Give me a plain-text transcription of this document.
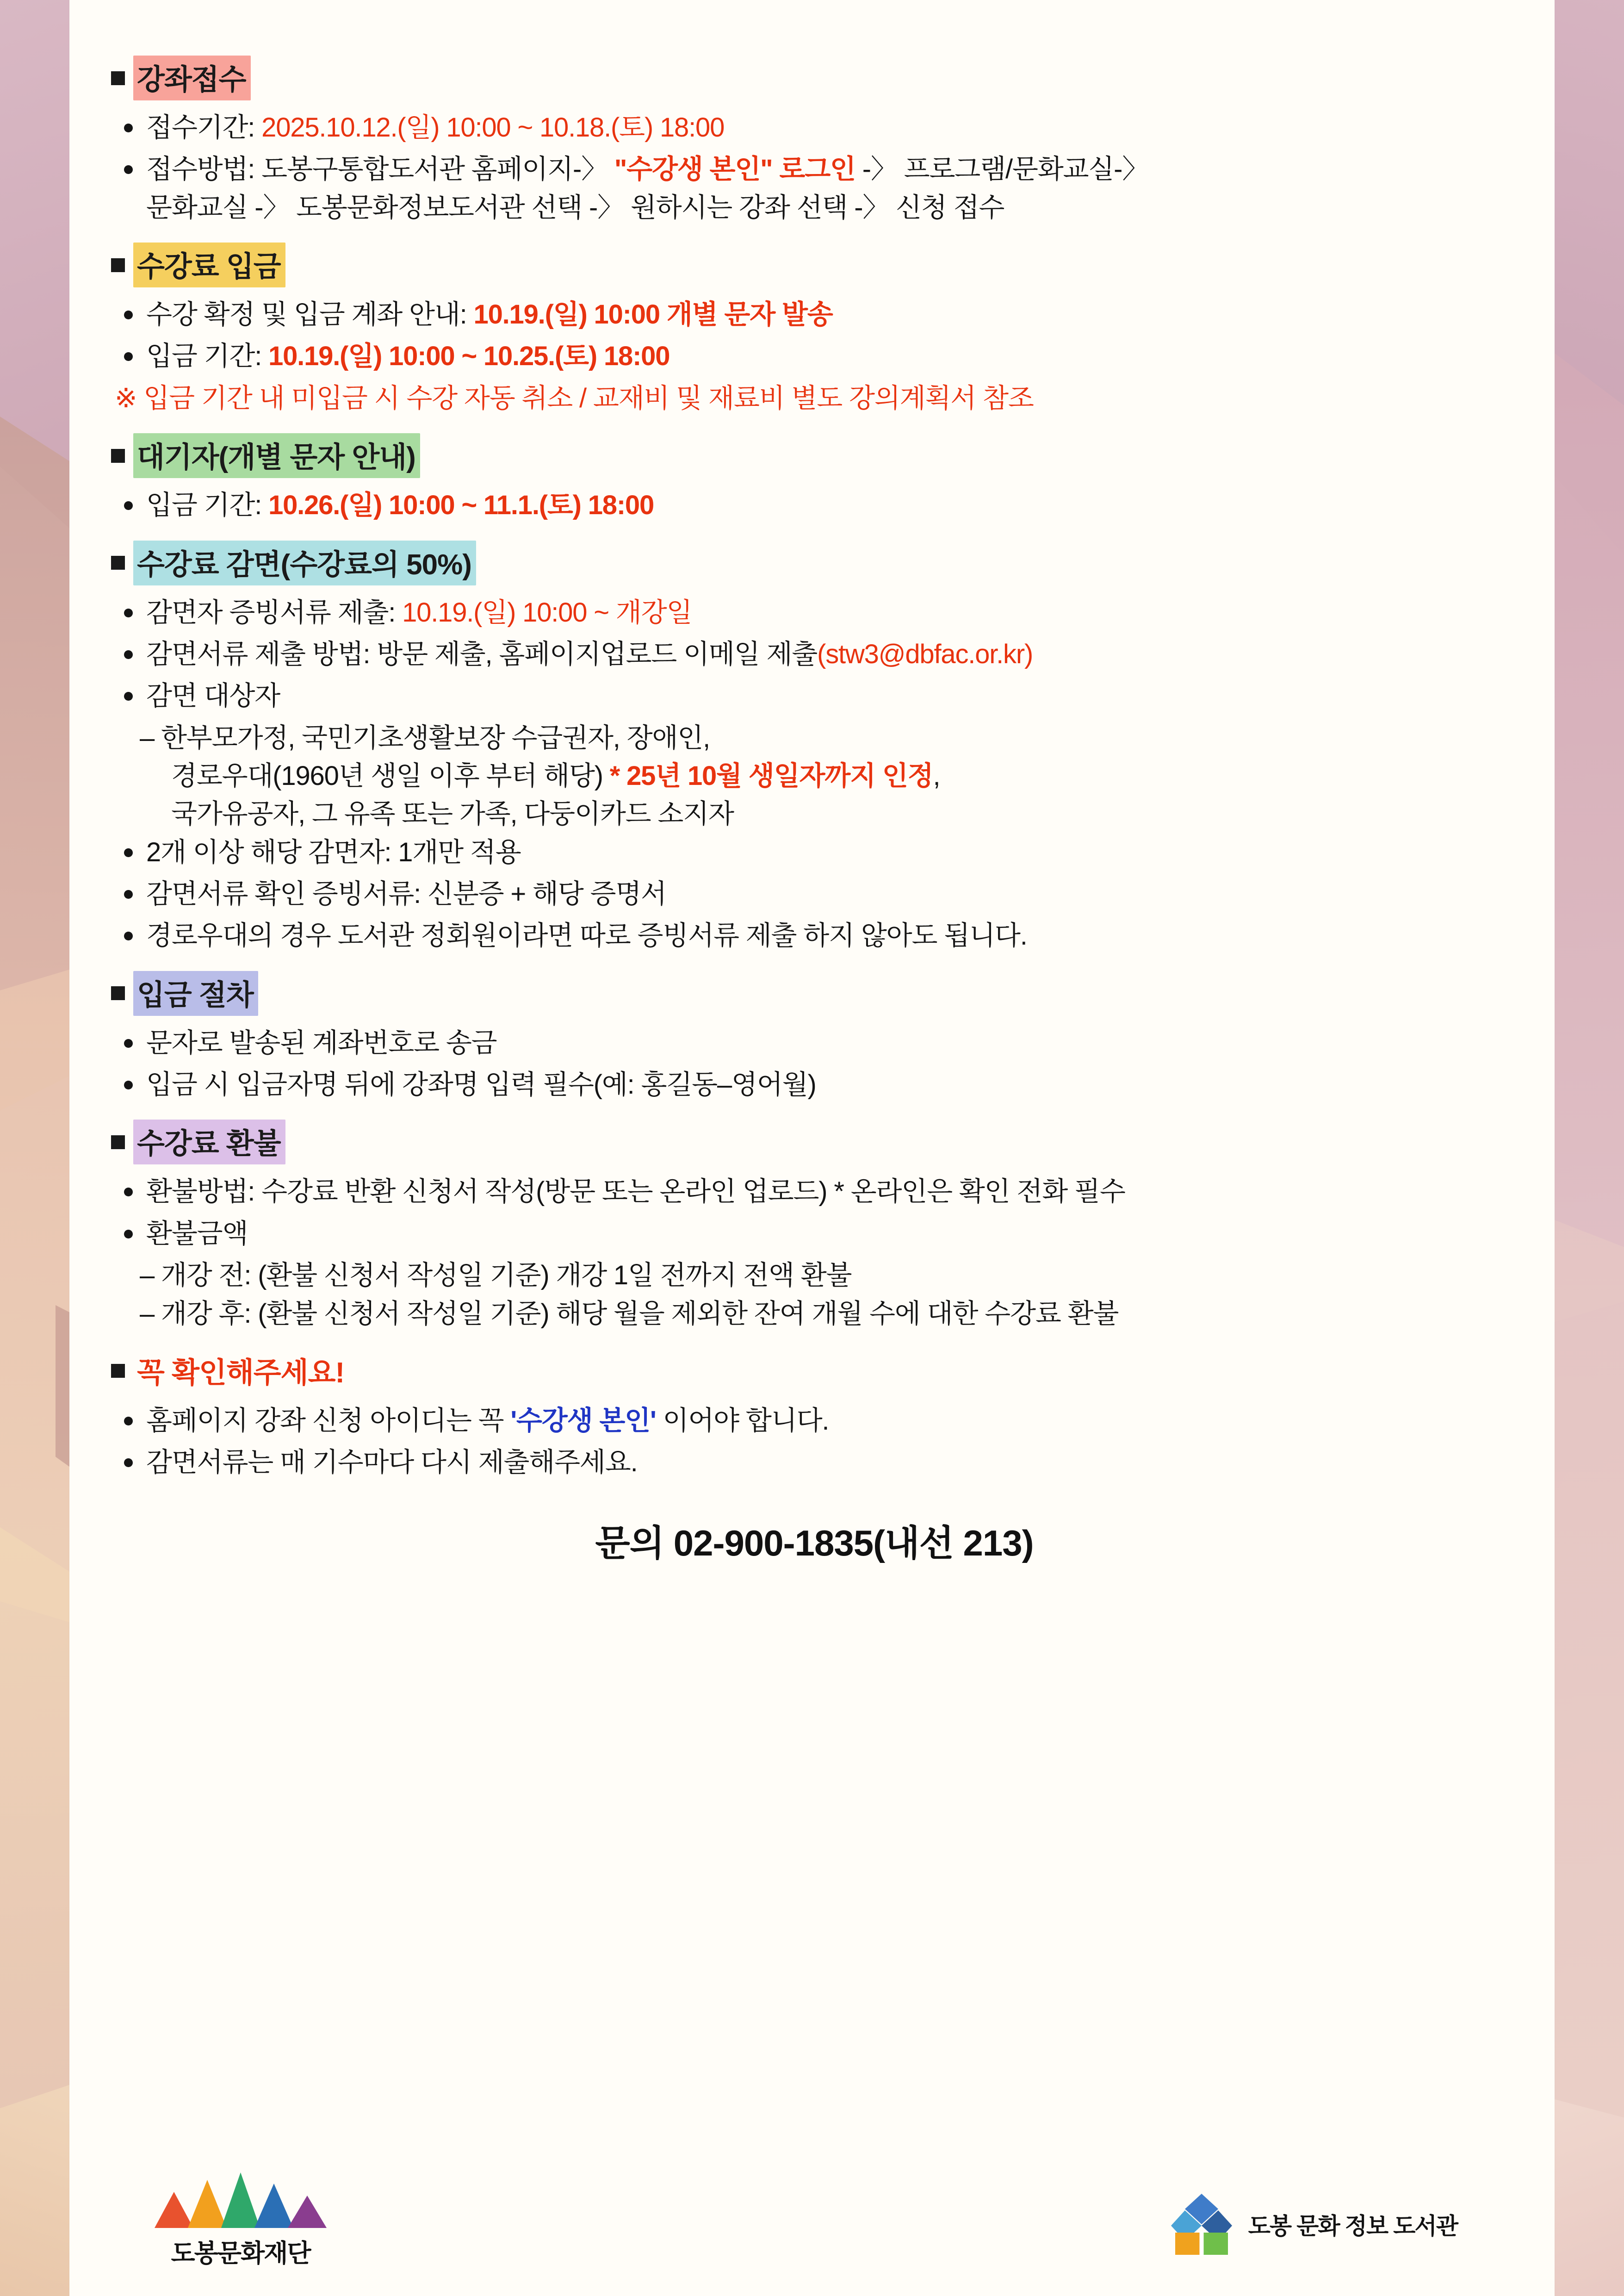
강좌접수
접수기간: 2025.10.12.(일) 10:00 ~ 10.18.(토) 18:00
접수방법: 도봉구통합도서관 홈페이지-〉 "수강생 본인" 로그인 -〉 프로그램/문화교실-〉
문화교실 -〉 도봉문화정보도서관 선택 -〉 원하시는 강좌 선택 -〉 신청 접수
수강료 입금
수강 확정 및 입금 계좌 안내: 10.19.(일) 10:00 개별 문자 발송
입금 기간: 10.19.(일) 10:00 ~ 10.25.(토) 18:00
※ 입금 기간 내 미입금 시 수강 자동 취소 / 교재비 및 재료비 별도 강의계획서 참조
대기자(개별 문자 안내)
입금 기간: 10.26.(일) 10:00 ~ 11.1.(토) 18:00
수강료 감면(수강료의 50%)
감면자 증빙서류 제출: 10.19.(일) 10:00 ~ 개강일
감면서류 제출 방법: 방문 제출, 홈페이지업로드 이메일 제출(stw3@dbfac.or.kr)
감면 대상자
– 한부모가정, 국민기초생활보장 수급권자, 장애인,
경로우대(1960년 생일 이후 부터 해당) * 25년 10월 생일자까지 인정,
국가유공자, 그 유족 또는 가족, 다둥이카드 소지자
2개 이상 해당 감면자: 1개만 적용
감면서류 확인 증빙서류: 신분증 + 해당 증명서
경로우대의 경우 도서관 정회원이라면 따로 증빙서류 제출 하지 않아도 됩니다.
입금 절차
문자로 발송된 계좌번호로 송금
입금 시 입금자명 뒤에 강좌명 입력 필수(예: 홍길동–영어월)
수강료 환불
환불방법: 수강료 반환 신청서 작성(방문 또는 온라인 업로드) * 온라인은 확인 전화 필수
환불금액
– 개강 전: (환불 신청서 작성일 기준) 개강 1일 전까지 전액 환불
– 개강 후: (환불 신청서 작성일 기준) 해당 월을 제외한 잔여 개월 수에 대한 수강료 환불
꼭 확인해주세요!
홈페이지 강좌 신청 아이디는 꼭 '수강생 본인' 이어야 합니다.
감면서류는 매 기수마다 다시 제출해주세요.
문의 02-900-1835(내선 213)
도봉문화재단
도봉 문화 정보 도서관
